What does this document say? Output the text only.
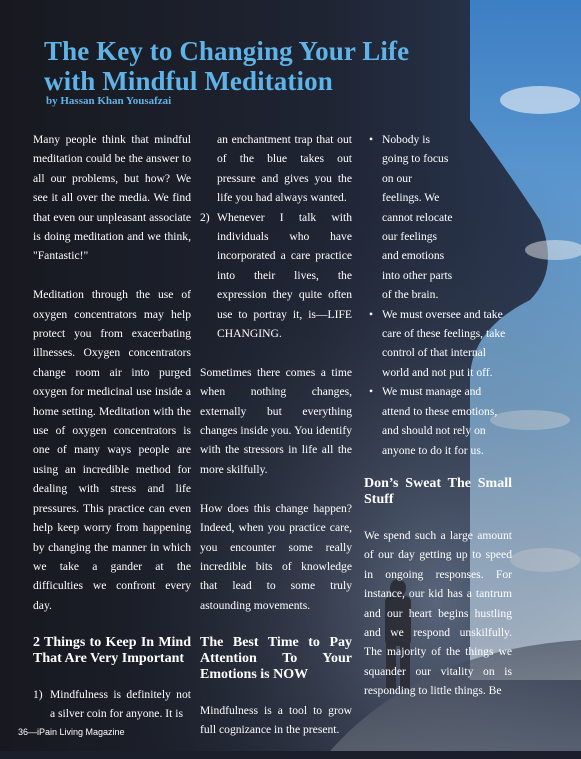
The Key to Changing Your Life
with Mindful Meditation
by Hassan Khan Yousafzai

Many people think that mindful meditation could be the answer to all our problems, but how? We see it all over the media. We find that even our unpleasant associate is doing meditation and we think, "Fantastic!"

Meditation through the use of oxygen concentrators may help protect you from exacerbating illnesses. Oxygen concentrators change room air into purged oxygen for medicinal use inside a home setting. Meditation with the use of oxygen concentrators is one of many ways people are using an incredible method for dealing with stress and life pressures. This practice can even help keep worry from happening by changing the manner in which we take a gander at the difficulties we confront every day.

2 Things to Keep In Mind That Are Very Important
1) Mindfulness is definitely not a silver coin for anyone. It is

an enchantment trap that out of the blue takes out pressure and gives you the life you had always wanted.

2) Whenever I talk with individuals who have incorporated a care practice into their lives, the expression they quite often use to portray it, is—LIFE CHANGING.

Sometimes there comes a time when nothing changes, externally but everything changes inside you. You identify with the stressors in life all the more skilfully.

How does this change happen? Indeed, when you practice care, you encounter some really incredible bits of knowledge that lead to some truly astounding movements.

The Best Time to Pay Attention To Your Emotions is NOW

Mindfulness is a tool to grow full cognizance in the present.

• Nobody is going to focus on our feelings. We cannot relocate our feelings and emotions into other parts of the brain.
• We must oversee and take care of these feelings, take control of that internal world and not put it off.
• We must manage and attend to these emotions, and should not rely on anyone to do it for us.
Don’s Sweat The Small Stuff

We spend such a large amount of our day getting up to speed in ongoing responses. For instance, our kid has a tantrum and our heart begins hustling and we respond unskilfully. The majority of the things we squander our vitality on is responding to little things. Be

36—iPain Living Magazine
